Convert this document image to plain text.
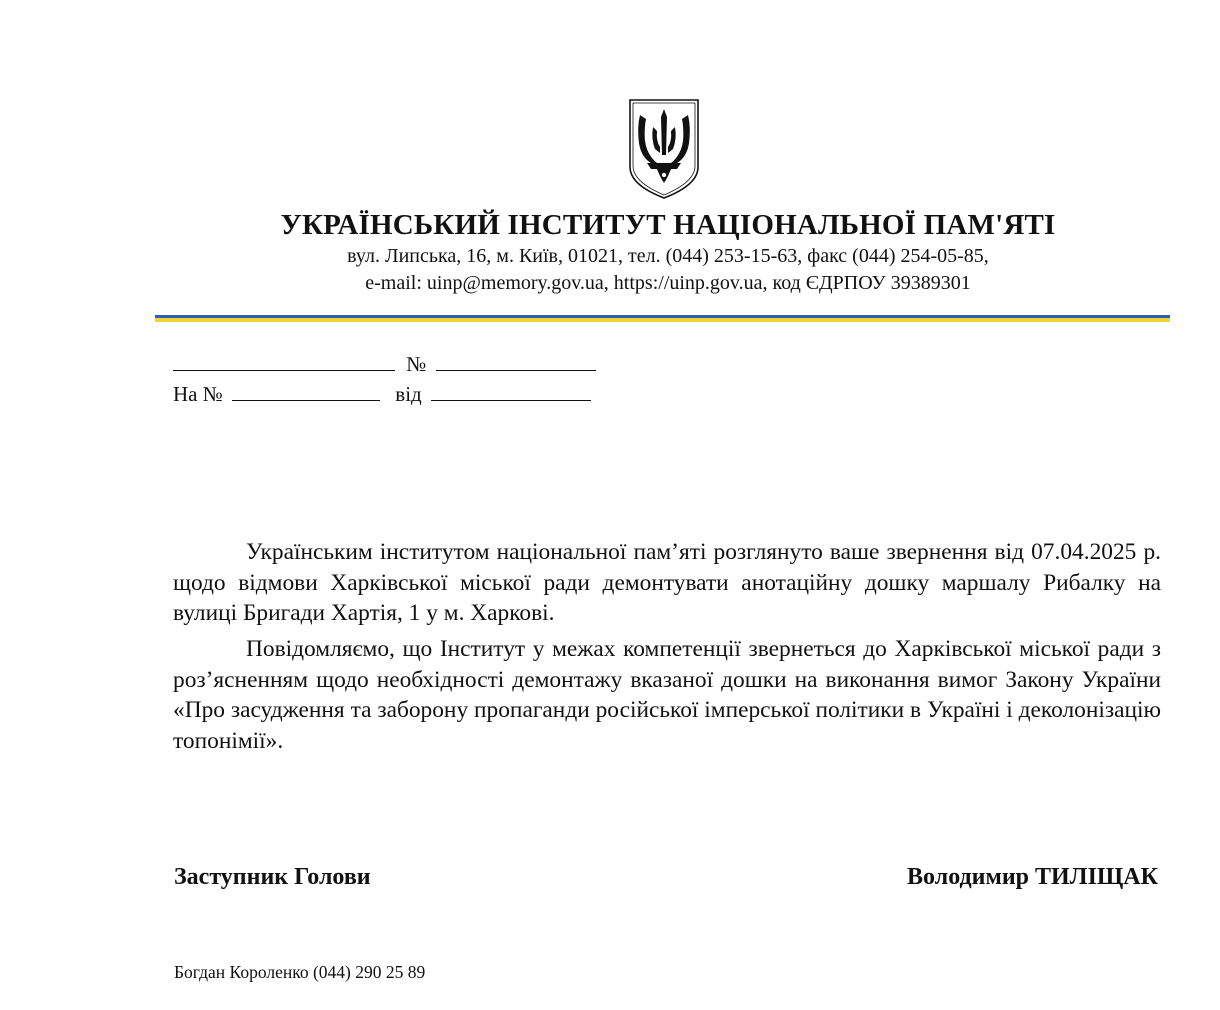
УКРАЇНСЬКИЙ ІНСТИТУТ НАЦІОНАЛЬНОЇ ПАМ'ЯТІ
вул. Липська, 16, м. Київ, 01021, тел. (044) 253-15-63, факс (044) 254-05-85,
e-mail: uinp@memory.gov.ua, https://uinp.gov.ua, код ЄДРПОУ 39389301
№
На №	від

Українським інститутом національної пам’яті розглянуто ваше звернення від 07.04.2025 р. щодо відмови Харківської міської ради демонтувати анотаційну дошку маршалу Рибалку на вулиці Бригади Хартія, 1 у м. Харкові.

Повідомляємо, що Інститут у межах компетенції звернеться до Харківської міської ради з роз’ясненням щодо необхідності демонтажу вказаної дошки на виконання вимог Закону України «Про засудження та заборону пропаганди російської імперської політики в Україні і деколонізацію топонімії».

Заступник Голови	Володимир ТИЛІЩАК
Богдан Короленко (044) 290 25 89
